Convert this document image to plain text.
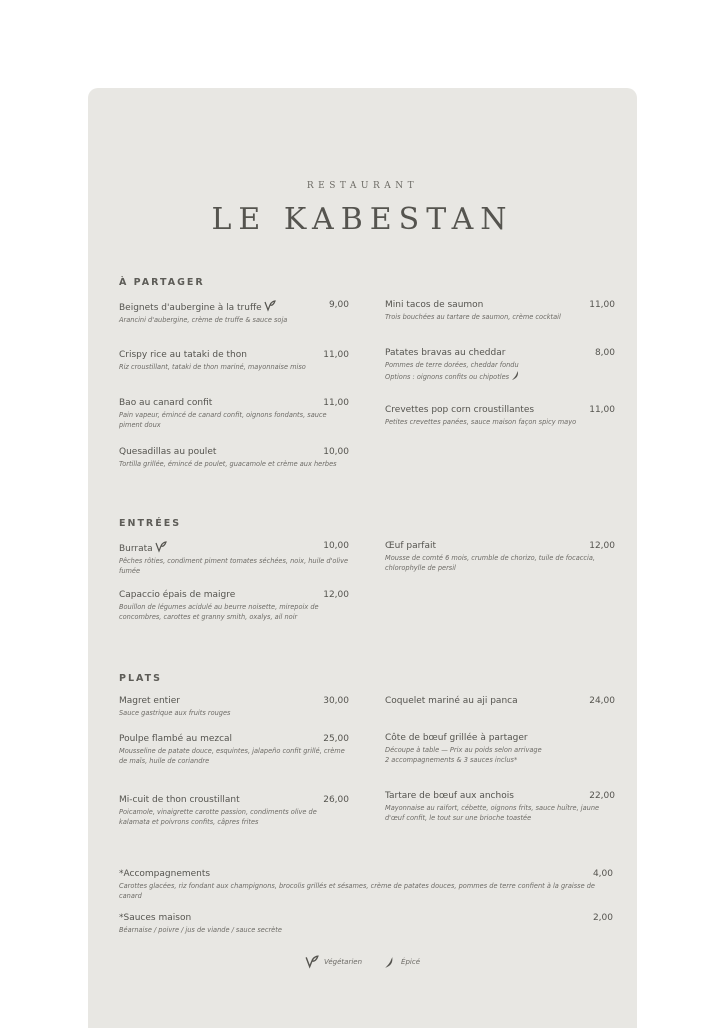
RESTAURANT
LE KABESTAN
À PARTAGER
Beignets d'aubergine à la truffe	9,00
Arancini d'aubergine, crème de truffe & sauce soja
Crispy rice au tataki de thon	11,00
Riz croustillant, tataki de thon mariné, mayonnaise miso
Bao au canard confit	11,00
Pain vapeur, émincé de canard confit, oignons fondants, sauce piment doux
Quesadillas au poulet	10,00
Tortilla grillée, émincé de poulet, guacamole et crème aux herbes
Mini tacos de saumon	11,00
Trois bouchées au tartare de saumon, crème cocktail
Patates bravas au cheddar	8,00
Pommes de terre dorées, cheddar fondu
Options : oignons confits ou chipotles
Crevettes pop corn croustillantes	11,00
Petites crevettes panées, sauce maison façon spicy mayo
ENTRÉES
Burrata	10,00
Pêches rôties, condiment piment tomates séchées, noix, huile d'olive fumée
Capaccio épais de maigre	12,00
Bouillon de légumes acidulé au beurre noisette, mirepoix de concombres, carottes et granny smith, oxalys, ail noir
Œuf parfait	12,00
Mousse de comté 6 mois, crumble de chorizo, tuile de focaccia, chlorophylle de persil
PLATS
Magret entier	30,00
Sauce gastrique aux fruits rouges
Poulpe flambé au mezcal	25,00
Mousseline de patate douce, esquintes, jalapeño confit grillé, crème de maïs, huile de coriandre
Mi-cuit de thon croustillant	26,00
Poicamole, vinaigrette carotte passion, condiments olive de kalamata et poivrons confits, câpres frites
Coquelet mariné au aji panca	24,00
Côte de bœuf grillée à partager
Découpe à table — Prix au poids selon arrivage
2 accompagnements & 3 sauces inclus*
Tartare de bœuf aux anchois	22,00
Mayonnaise au raifort, cébette, oignons frits, sauce huître, jaune d'œuf confit, le tout sur une brioche toastée
*Accompagnements	4,00
Carottes glacées, riz fondant aux champignons, brocolis grillés et sésames, crème de patates douces, pommes de terre confient à la graisse de canard
*Sauces maison	2,00
Béarnaise / poivre / jus de viande / sauce secrète
Végétarien	Épicé
